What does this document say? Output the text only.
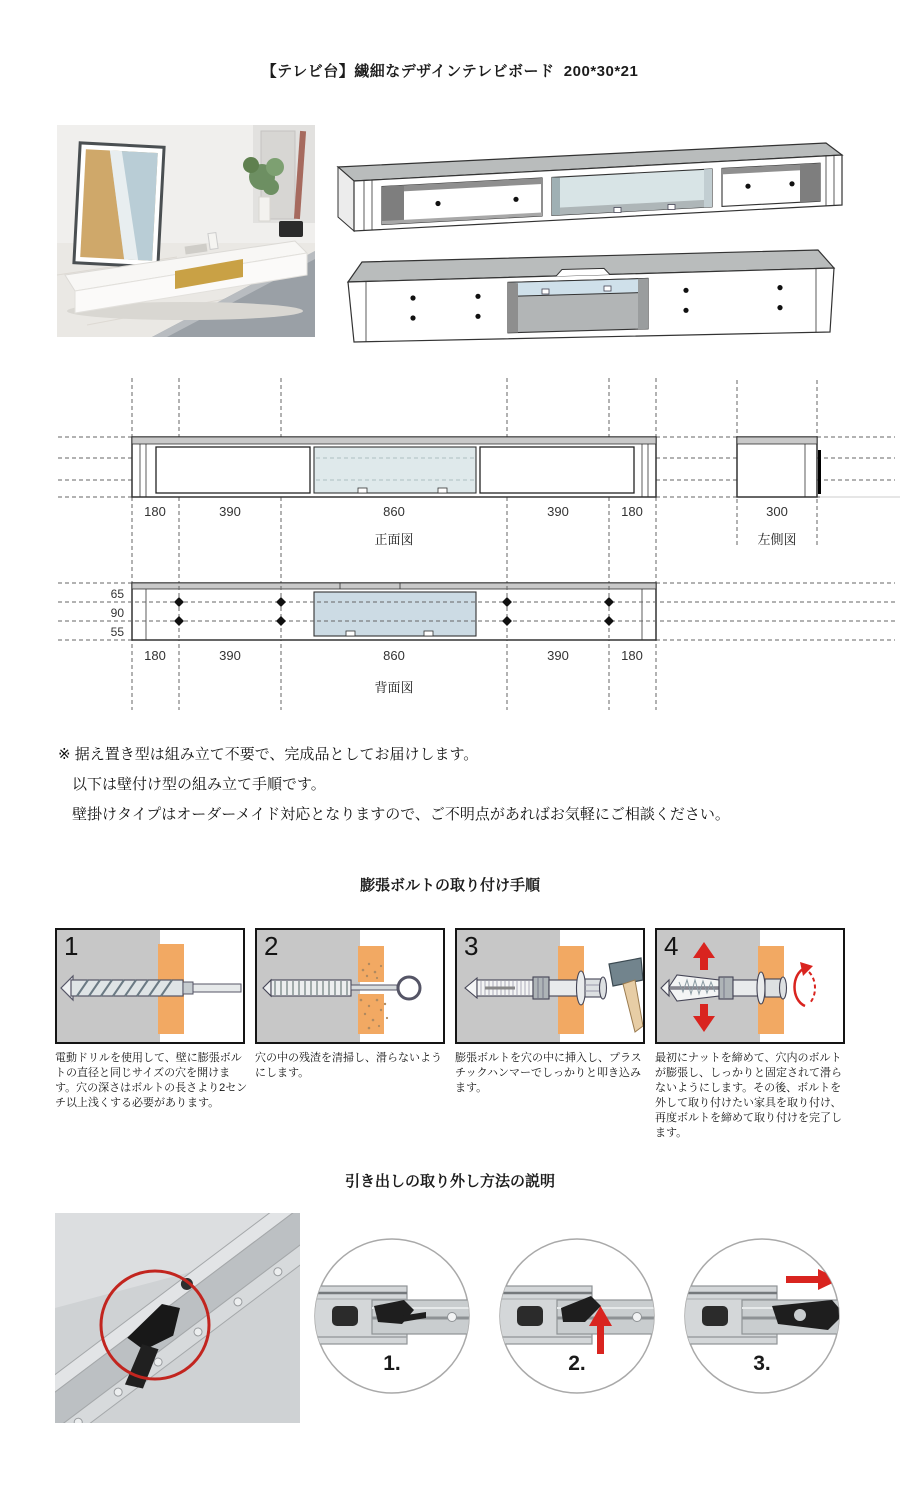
【テレビ台】繊細なデザインテレビボード  200*30*21
180	390	860	390	180	300
正面図	左側図
65
90
55
180	390	860	390	180
背面図
※ 据え置き型は組み立て不要で、完成品としてお届けします。
以下は壁付け型の組み立て手順です。
壁掛けタイプはオーダーメイド対応となりますので、ご不明点があればお気軽にご相談ください。
膨張ボルトの取り付け手順
1	2	3	4
電動ドリルを使用して、壁に膨張ボルトの直径と同じサイズの穴を開けます。穴の深さはボルトの長さより2センチ以上浅くする必要があります。
穴の中の残渣を清掃し、滑らないようにします。
膨張ボルトを穴の中に挿入し、プラスチックハンマーでしっかりと叩き込みます。
最初にナットを締めて、穴内のボルトが膨張し、しっかりと固定されて滑らないようにします。その後、ボルトを外して取り付けたい家具を取り付け、再度ボルトを締めて取り付けを完了します。
引き出しの取り外し方法の説明
1.	2.	3.
